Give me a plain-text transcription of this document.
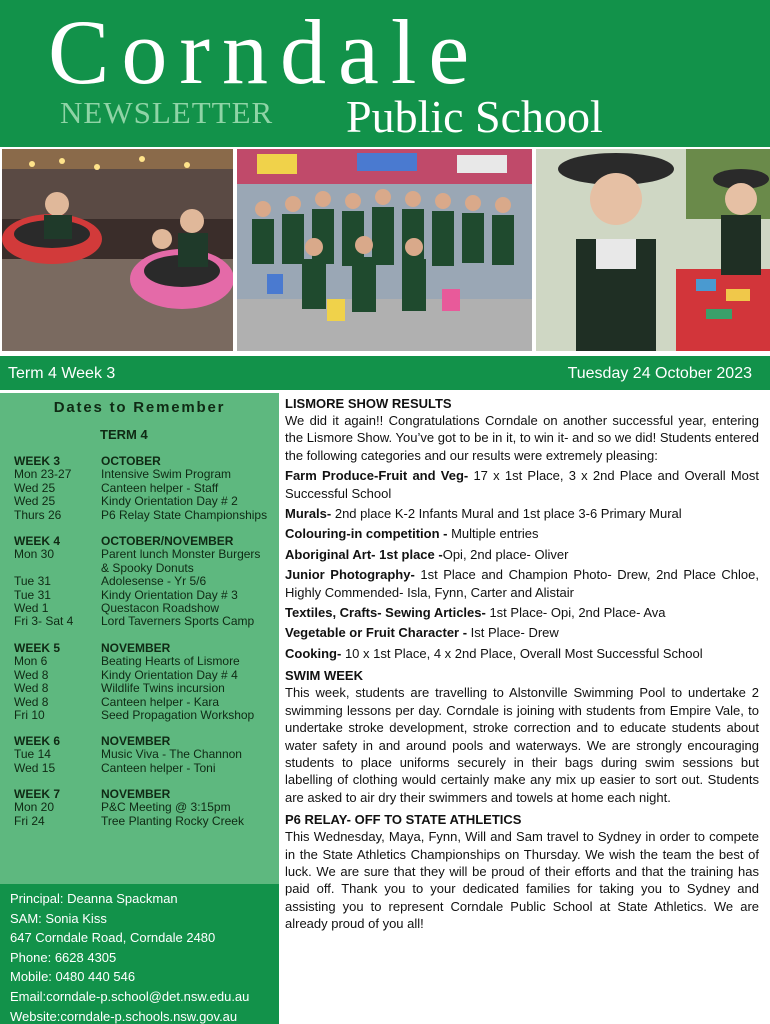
Corndale
NEWSLETTER Public School
Term 4 Week 3	Tuesday 24 October 2023
Dates to Remember
TERM 4
WEEK 3
Mon 23-27
Wed 25
Wed 25
Thurs 26
OCTOBER
Intensive Swim Program
Canteen helper - Staff
Kindy Orientation Day # 2
P6 Relay State Championships
WEEK 4
Mon 30

Tue 31
Tue 31
Wed 1
Fri 3- Sat 4
OCTOBER/NOVEMBER
Parent lunch Monster Burgers
& Spooky Donuts
Adolesense - Yr 5/6
Kindy Orientation Day # 3
Questacon Roadshow
Lord Taverners Sports Camp
WEEK 5
Mon 6
Wed 8
Wed 8
Wed 8
Fri 10
NOVEMBER
Beating Hearts of Lismore
Kindy Orientation Day # 4
Wildlife Twins incursion
Canteen helper - Kara
Seed Propagation Workshop
WEEK 6
Tue 14
Wed 15
NOVEMBER
Music Viva - The Channon
Canteen helper - Toni
WEEK 7
Mon 20
Fri 24
NOVEMBER
P&C Meeting @ 3:15pm
Tree Planting Rocky Creek
Principal: Deanna Spackman
SAM: Sonia Kiss
647 Corndale Road, Corndale 2480
Phone: 6628 4305
Mobile: 0480 440 546
Email:corndale-p.school@det.nsw.edu.au
Website:corndale-p.schools.nsw.gov.au
LISMORE SHOW RESULTS

We did it again!! Congratulations Corndale on another successful year, entering the Lismore Show. You’ve got to be in it, to win it- and so we did! Students entered the following categories and our results were extremely pleasing:

Farm Produce-Fruit and Veg- 17 x 1st Place, 3 x 2nd Place and Overall Most Successful School

Murals- 2nd place K-2 Infants Mural and 1st place 3-6 Primary Mural

Colouring-in competition - Multiple entries

Aboriginal Art- 1st place -Opi, 2nd place- Oliver

Junior Photography- 1st Place and Champion Photo- Drew, 2nd Place Chloe, Highly Commended- Isla, Fynn, Carter and Alistair

Textiles, Crafts- Sewing Articles- 1st Place- Opi, 2nd Place- Ava

Vegetable or Fruit Character - Ist Place- Drew

Cooking- 10 x 1st Place, 4 x 2nd Place, Overall Most Successful School

SWIM WEEK

This week, students are travelling to Alstonville Swimming Pool to undertake 2 swimming lessons per day. Corndale is joining with students from Empire Vale, to undertake stroke development, stroke correction and to educate students about water safety in and around pools and waterways. We are strongly encouraging students to place uniforms securely in their bags during swim sessions but labelling of clothing would certainly make any mix up easier to sort out. Students are asked to air dry their swimmers and towels at home each night.

P6 RELAY- OFF TO STATE ATHLETICS

This Wednesday, Maya, Fynn, Will and Sam travel to Sydney in order to compete in the State Athletics Championships on Thursday. We wish the team the best of luck. We are sure that they will be proud of their efforts and that the training has paid off. Thank you to your dedicated families for taking you to Sydney and assisting you to represent Corndale Public School at State Athletics. We are already proud of you all!
